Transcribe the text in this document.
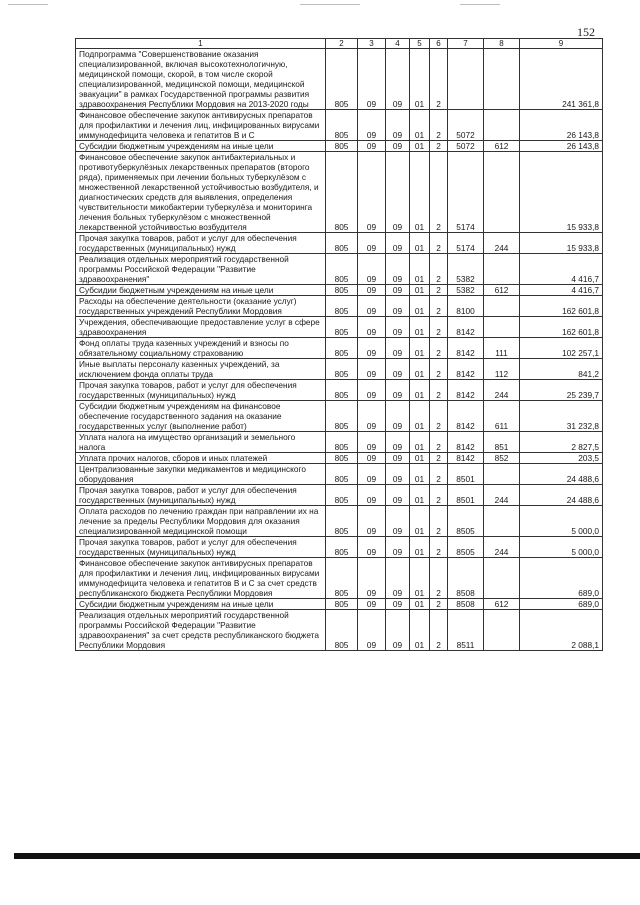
152
1	2	3	4	5	6	7	8	9
Подпрограмма "Совершенствование оказания специализированной, включая высокотехнологичную, медицинской помощи, скорой, в том числе скорой специализированной, медицинской помощи, медицинской эвакуации" в рамках Государственной программы развития здравоохранения Республики Мордовия на 2013-2020 годы	805	09	09	01	2			241 361,8
Финансовое обеспечение закупок антивирусных препаратов для профилактики и лечения лиц, инфицированных вирусами иммунодефицита человека и гепатитов В и С	805	09	09	01	2	5072		26 143,8
Субсидии бюджетным учреждениям на иные цели	805	09	09	01	2	5072	612	26 143,8
Финансовое обеспечение закупок антибактериальных и противотуберкулёзных лекарственных препаратов (второго ряда), применяемых при лечении больных туберкулёзом с множественной лекарственной устойчивостью возбудителя, и диагностических средств для выявления, определения чувствительности микобактерии туберкулёза и мониторинга лечения больных туберкулёзом с множественной лекарственной устойчивостью возбудителя	805	09	09	01	2	5174		15 933,8
Прочая закупка товаров, работ и услуг для обеспечения государственных (муниципальных) нужд	805	09	09	01	2	5174	244	15 933,8
Реализация отдельных мероприятий государственной программы Российской Федерации "Развитие здравоохранения"	805	09	09	01	2	5382		4 416,7
Субсидии бюджетным учреждениям на иные цели	805	09	09	01	2	5382	612	4 416,7
Расходы на обеспечение деятельности (оказание услуг) государственных учреждений Республики Мордовия	805	09	09	01	2	8100		162 601,8
Учреждения, обеспечивающие предоставление услуг в сфере здравоохранения	805	09	09	01	2	8142		162 601,8
Фонд оплаты труда казенных учреждений и взносы по обязательному социальному страхованию	805	09	09	01	2	8142	111	102 257,1
Иные выплаты персоналу казенных учреждений, за исключением фонда оплаты труда	805	09	09	01	2	8142	112	841,2
Прочая закупка товаров, работ и услуг для обеспечения государственных (муниципальных) нужд	805	09	09	01	2	8142	244	25 239,7
Субсидии бюджетным учреждениям на финансовое обеспечение государственного задания на оказание государственных услуг (выполнение работ)	805	09	09	01	2	8142	611	31 232,8
Уплата налога на имущество организаций и земельного налога	805	09	09	01	2	8142	851	2 827,5
Уплата прочих налогов, сборов и иных платежей	805	09	09	01	2	8142	852	203,5
Централизованные закупки медикаментов и медицинского оборудования	805	09	09	01	2	8501		24 488,6
Прочая закупка товаров, работ и услуг для обеспечения государственных (муниципальных) нужд	805	09	09	01	2	8501	244	24 488,6
Оплата расходов по лечению граждан при направлении их на лечение за пределы Республики Мордовия для оказания специализированной медицинской помощи	805	09	09	01	2	8505		5 000,0
Прочая закупка товаров, работ и услуг для обеспечения государственных (муниципальных) нужд	805	09	09	01	2	8505	244	5 000,0
Финансовое обеспечение закупок антивирусных препаратов для профилактики и лечения лиц, инфицированных вирусами иммунодефицита человека и гепатитов В и С за счет средств республиканского бюджета Республики Мордовия	805	09	09	01	2	8508		689,0
Субсидии бюджетным учреждениям на иные цели	805	09	09	01	2	8508	612	689,0
Реализация отдельных мероприятий государственной программы Российской Федерации "Развитие здравоохранения" за счет средств республиканского бюджета Республики Мордовия	805	09	09	01	2	8511		2 088,1
